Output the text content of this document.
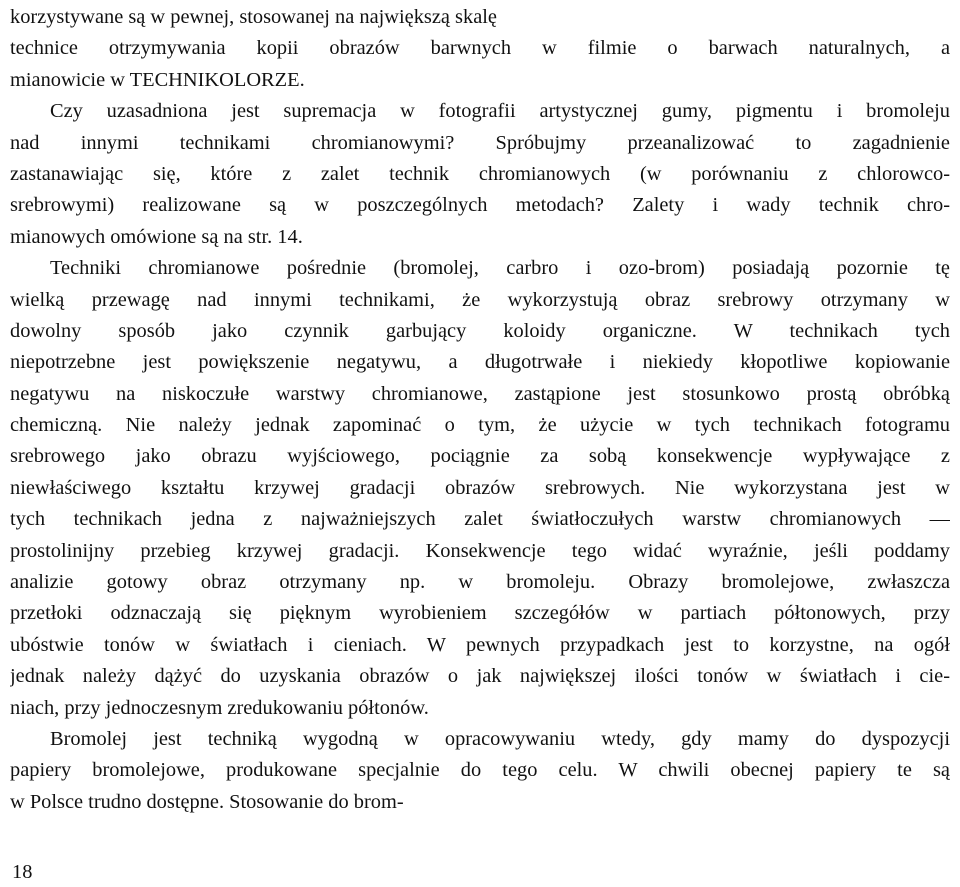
korzystywane są w pewnej, stosowanej na największą skalę
technice otrzymywania kopii obrazów barwnych w filmie o barwach naturalnych, a
mianowicie w TECHNIKOLORZE.
Czy uzasadniona jest supremacja w fotografii artystycznej gumy, pigmentu i bromoleju
nad innymi technikami chromianowymi? Spróbujmy przeanalizować to zagadnienie
zastanawiając się, które z zalet technik chromianowych (w porównaniu z chlorowco-
srebrowymi) realizowane są w poszczególnych metodach? Zalety i wady technik chro-
mianowych omówione są na str. 14.
Techniki chromianowe pośrednie (bromolej, carbro i ozo-brom) posiadają pozornie tę
wielką przewagę nad innymi technikami, że wykorzystują obraz srebrowy otrzymany w
dowolny sposób jako czynnik garbujący koloidy organiczne. W technikach tych
niepotrzebne jest powiększenie negatywu, a długotrwałe i niekiedy kłopotliwe kopiowanie
negatywu na niskoczułe warstwy chromianowe, zastąpione jest stosunkowo prostą obróbką
chemiczną. Nie należy jednak zapominać o tym, że użycie w tych technikach fotogramu
srebrowego jako obrazu wyjściowego, pociągnie za sobą konsekwencje wypływające z
niewłaściwego kształtu krzywej gradacji obrazów srebrowych. Nie wykorzystana jest w
tych technikach jedna z najważniejszych zalet światłoczułych warstw chromianowych —
prostolinijny przebieg krzywej gradacji. Konsekwencje tego widać wyraźnie, jeśli poddamy
analizie gotowy obraz otrzymany np. w bromoleju. Obrazy bromolejowe, zwłaszcza
przetłoki odznaczają się pięknym wyrobieniem szczegółów w partiach półtonowych, przy
ubóstwie tonów w światłach i cieniach. W pewnych przypadkach jest to korzystne, na ogół
jednak należy dążyć do uzyskania obrazów o jak największej ilości tonów w światłach i cie-
niach, przy jednoczesnym zredukowaniu półtonów.
Bromolej jest techniką wygodną w opracowywaniu wtedy, gdy mamy do dyspozycji
papiery bromolejowe, produkowane specjalnie do tego celu. W chwili obecnej papiery te są
w Polsce trudno dostępne. Stosowanie do brom-
18
